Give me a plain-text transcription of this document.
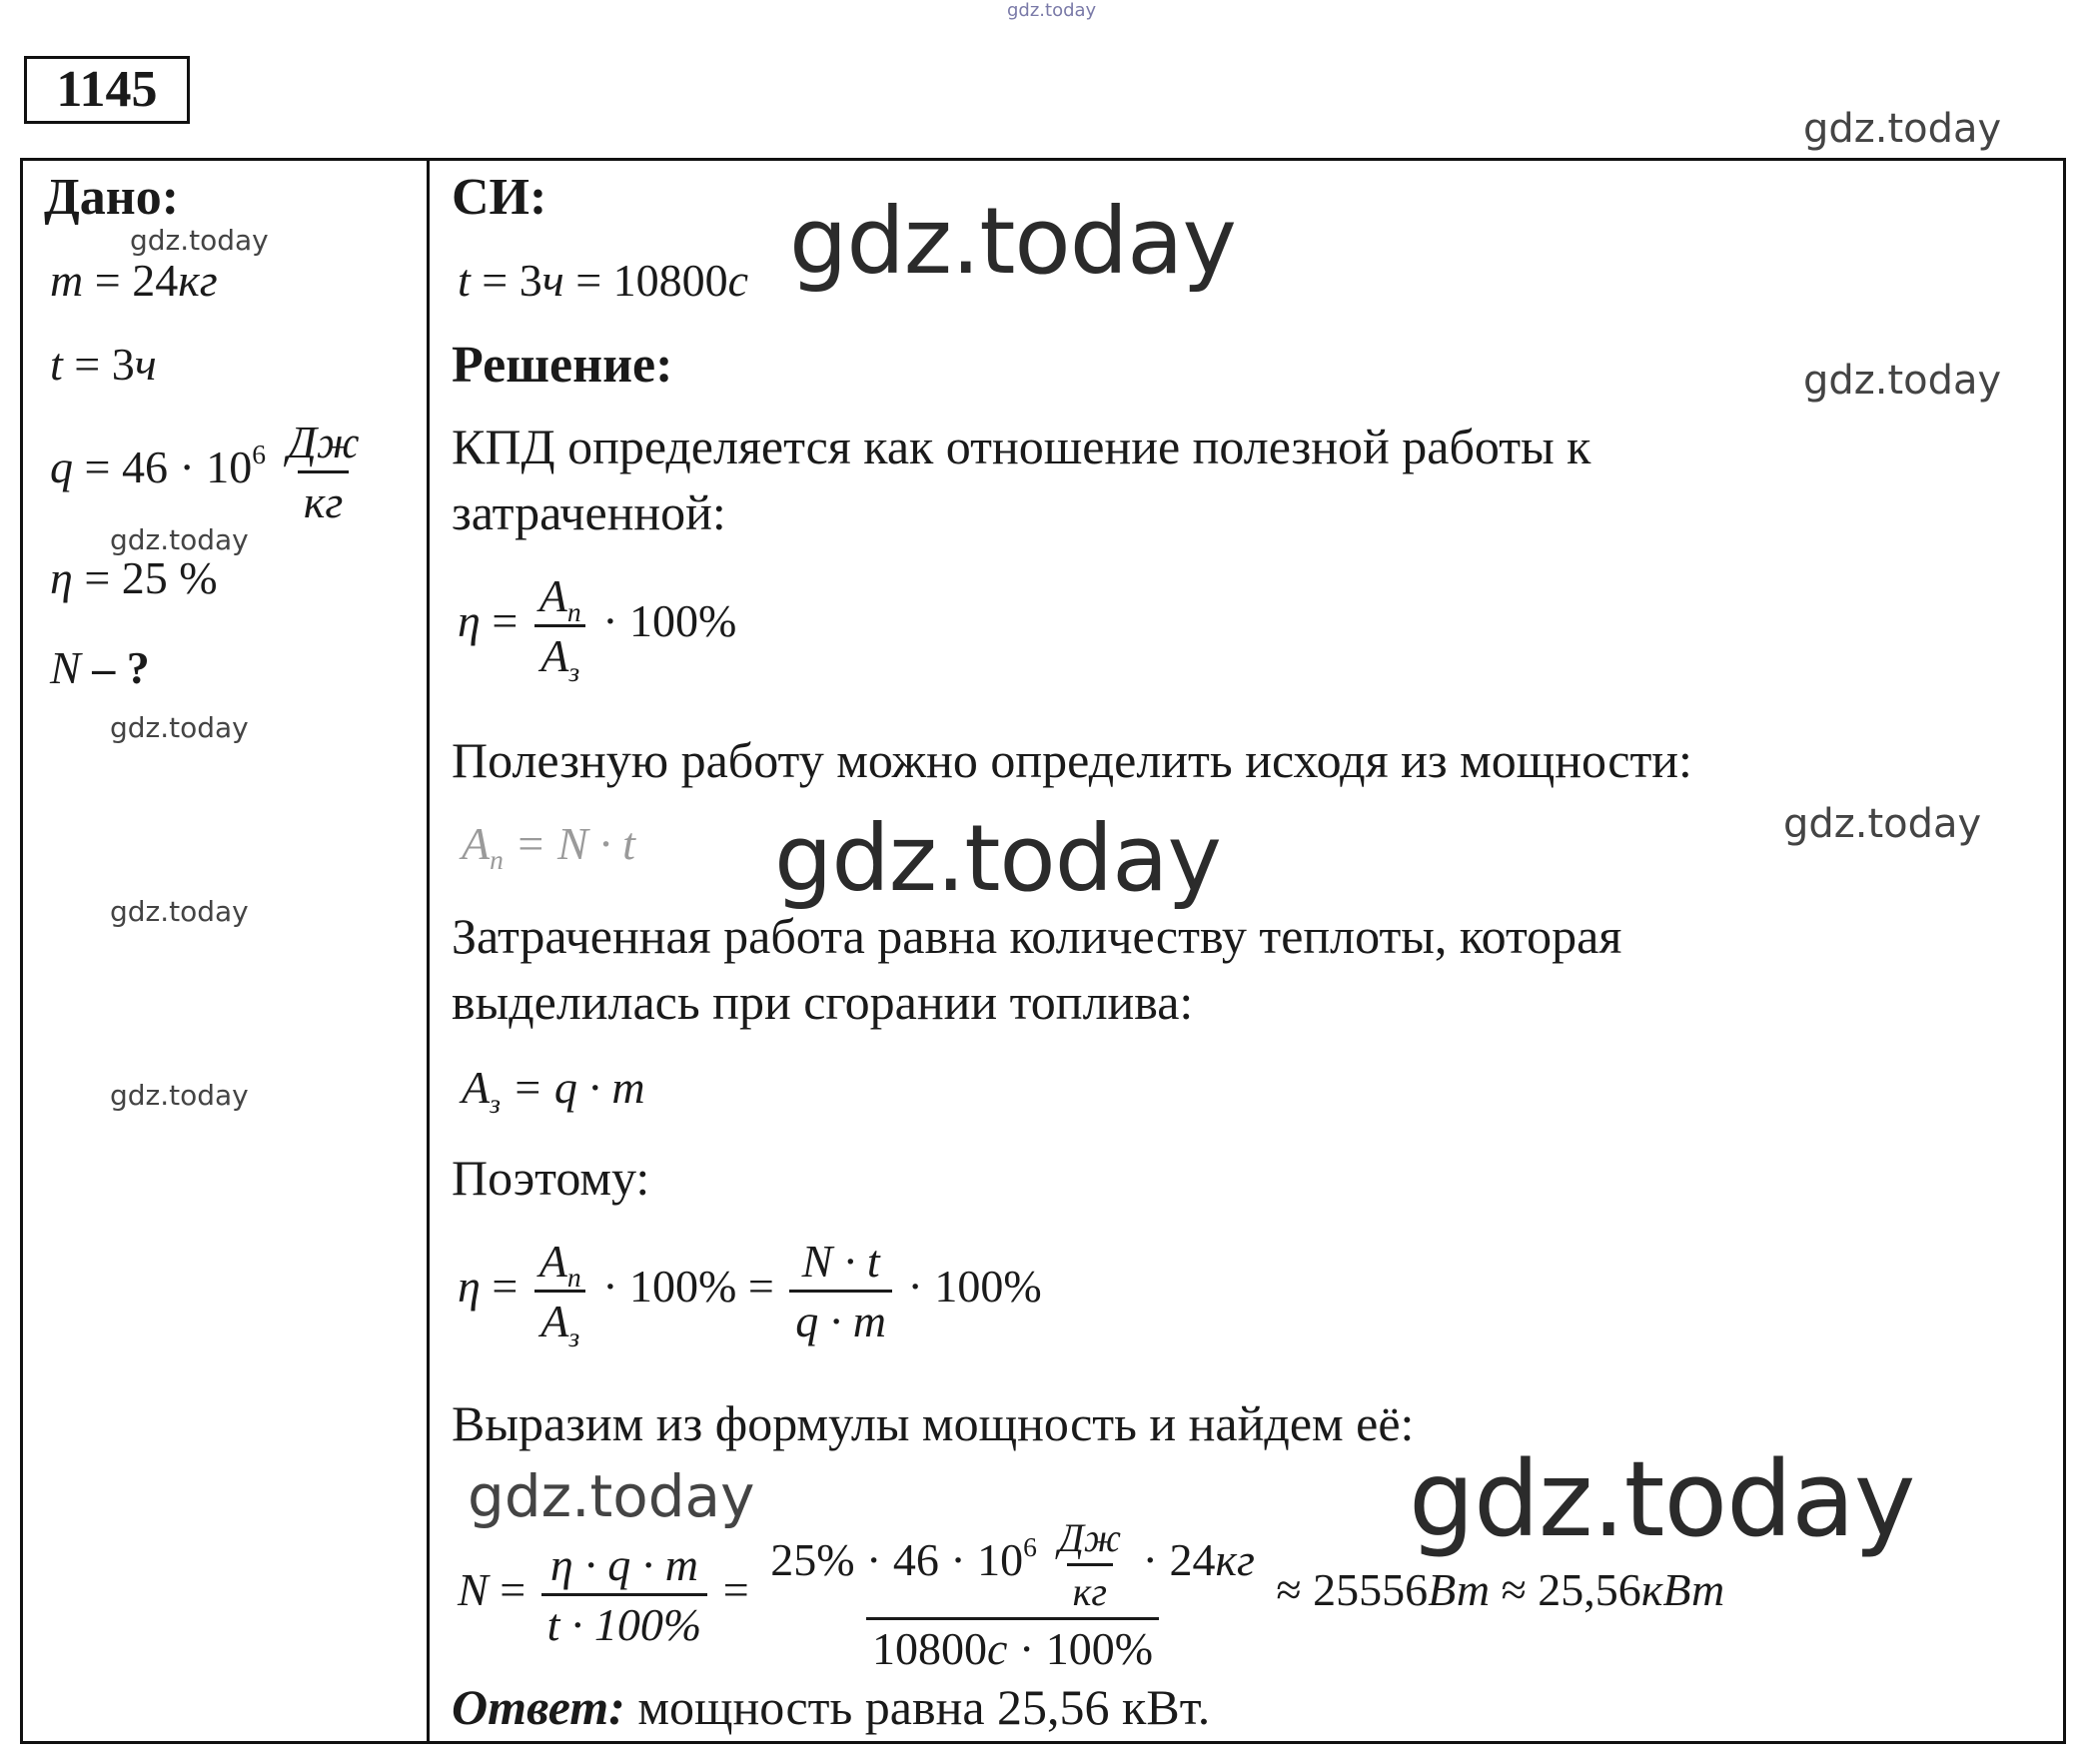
gdz.today
gdz.today
gdz.today	gdz.today
gdz.today
gdz.today
gdz.today
gdz.today	gdz.today
gdz.today
gdz.today
gdz.today	gdz.today
1145
Дано:
m = 24кг
t = 3ч
$q = 46 \cdot 10^6 \frac{Дж}{кг}$
η = 25 %
N – ?
СИ:
t = 3ч = 10800с
Решение:
КПД определяется как отношение полезной работы к
затраченной:
$\eta = \frac{A_п}{A_з} \cdot 100\%$
Полезную работу можно определить исходя из мощности:
$A_п = N \cdot t$
Затраченная работа равна количеству теплоты, которая
выделилась при сгорании топлива:
$A_з = q \cdot m$
Поэтому:
$\eta = \frac{A_п}{A_з} \cdot 100\% = \frac{N \cdot t}{q \cdot m} \cdot 100\%$
Выразим из формулы мощность и найдем её:
$N = \frac{\eta \cdot q \cdot m}{t \cdot 100\%} = \frac{25\% \cdot 46 \cdot 10^6 \frac{Дж}{кг} \cdot 24кг}{10800с \cdot 100\%} \approx 25556Вт \approx 25,56кВт$
Ответ: мощность равна 25,56 кВт.
